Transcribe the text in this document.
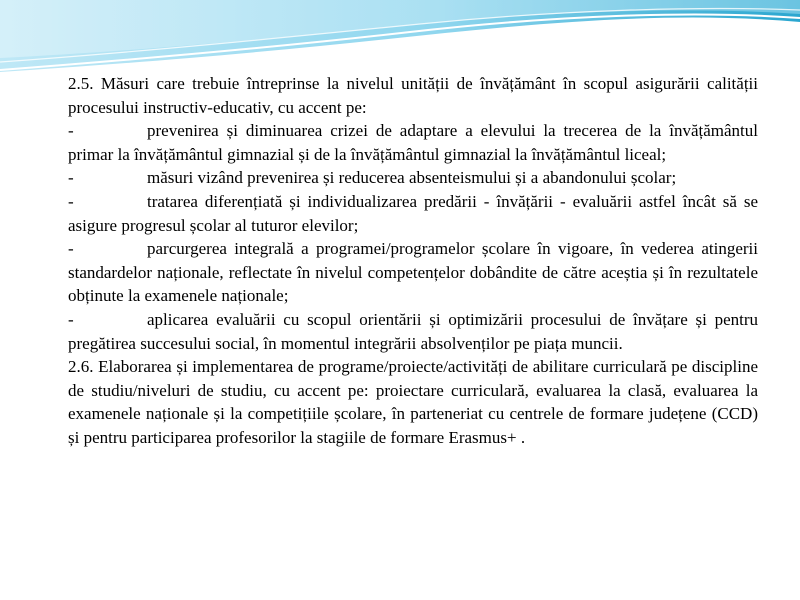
2.5. Măsuri care trebuie întreprinse la nivelul unității de învățământ în scopul asigurării calității procesului instructiv-educativ, cu accent pe:

-	prevenirea și diminuarea crizei de adaptare a elevului la trecerea de la învățământul primar la învățământul gimnazial și de la învățământul gimnazial la învățământul liceal;

-	măsuri vizând prevenirea și reducerea absenteismului și a abandonului școlar;

-	tratarea diferențiată și individualizarea predării - învățării - evaluării astfel încât să se asigure progresul școlar al tuturor elevilor;

-	parcurgerea integrală a programei/programelor școlare în vigoare, în vederea atingerii standardelor naționale, reflectate în nivelul competențelor dobândite de către aceștia și în rezultatele obținute la examenele naționale;

-	aplicarea evaluării cu scopul orientării și optimizării procesului de învățare și pentru pregătirea succesului social, în momentul integrării absolvenților pe piața muncii.

2.6. Elaborarea și implementarea de programe/proiecte/activități de abilitare curriculară pe discipline de studiu/niveluri de studiu, cu accent pe: proiectare curriculară, evaluarea la clasă, evaluarea la examenele naționale și la competițiile școlare, în parteneriat cu centrele de formare județene (CCD) și pentru participarea profesorilor la stagiile de formare Erasmus+ .
